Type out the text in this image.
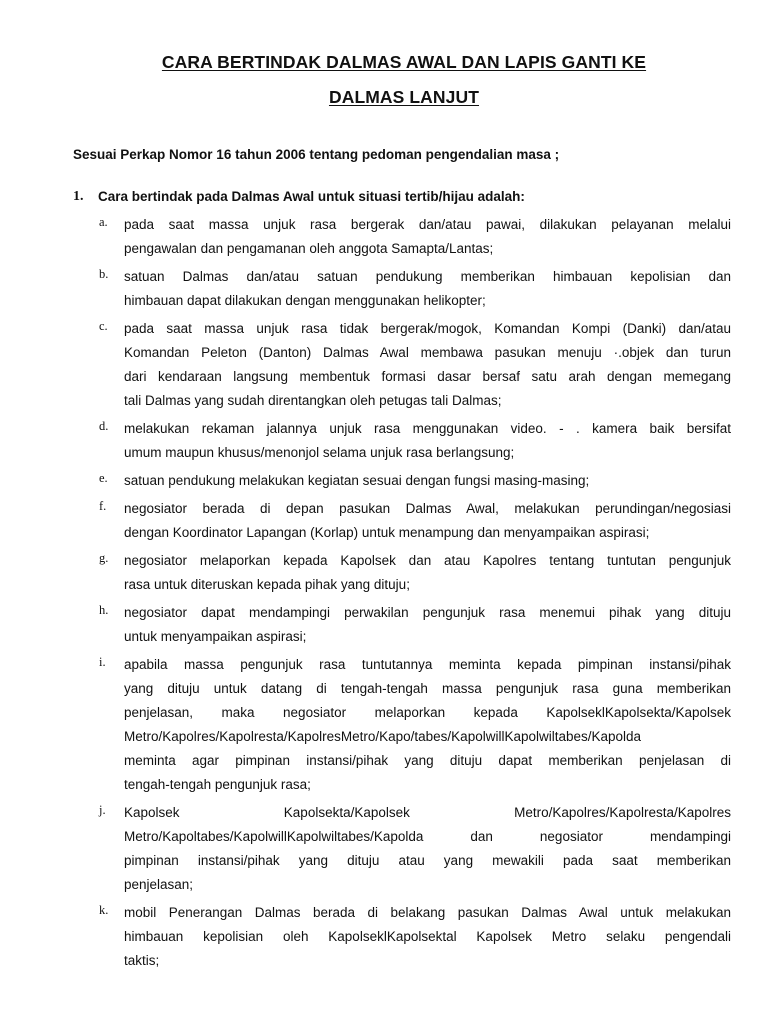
CARA BERTINDAK DALMAS AWAL DAN LAPIS GANTI KE
DALMAS LANJUT
Sesuai Perkap Nomor 16 tahun 2006 tentang pedoman pengendalian masa ;
1. Cara bertindak pada Dalmas Awal untuk situasi tertib/hijau adalah:
a. pada saat massa unjuk rasa bergerak dan/atau pawai, dilakukan pelayanan melalui
pengawalan dan pengamanan oleh anggota Samapta/Lantas;
b. satuan Dalmas dan/atau satuan pendukung memberikan himbauan kepolisian dan
himbauan dapat dilakukan dengan menggunakan helikopter;
c. pada saat massa unjuk rasa tidak bergerak/mogok, Komandan Kompi (Danki) dan/atau
Komandan Peleton (Danton) Dalmas Awal membawa pasukan menuju ·.objek dan turun
dari kendaraan langsung membentuk formasi dasar bersaf satu arah dengan memegang
tali Dalmas yang sudah direntangkan oleh petugas tali Dalmas;
d. melakukan rekaman jalannya unjuk rasa menggunakan video. - . kamera baik bersifat
umum maupun khusus/menonjol selama unjuk rasa berlangsung;
e. satuan pendukung melakukan kegiatan sesuai dengan fungsi masing-masing;
f. negosiator berada di depan pasukan Dalmas Awal, melakukan perundingan/negosiasi
dengan Koordinator Lapangan (Korlap) untuk menampung dan menyampaikan aspirasi;
g. negosiator melaporkan kepada Kapolsek dan atau Kapolres tentang tuntutan pengunjuk
rasa untuk diteruskan kepada pihak yang dituju;
h. negosiator dapat mendampingi perwakilan pengunjuk rasa menemui pihak yang dituju
untuk menyampaikan aspirasi;
i. apabila massa pengunjuk rasa tuntutannya meminta kepada pimpinan instansi/pihak
yang dituju untuk datang di tengah-tengah massa pengunjuk rasa guna memberikan
penjelasan, maka negosiator melaporkan kepada KapolseklKapolsekta/Kapolsek
Metro/Kapolres/Kapolresta/KapolresMetro/Kapo/tabes/KapolwillKapolwiltabes/Kapolda
meminta agar pimpinan instansi/pihak yang dituju dapat memberikan penjelasan di
tengah-tengah pengunjuk rasa;
j. Kapolsek Kapolsekta/Kapolsek Metro/Kapolres/Kapolresta/Kapolres
Metro/Kapoltabes/KapolwillKapolwiltabes/Kapolda dan negosiator mendampingi
pimpinan instansi/pihak yang dituju atau yang mewakili pada saat memberikan
penjelasan;
k. mobil Penerangan Dalmas berada di belakang pasukan Dalmas Awal untuk melakukan
himbauan kepolisian oleh KapolseklKapolsektal Kapolsek Metro selaku pengendali
taktis;
